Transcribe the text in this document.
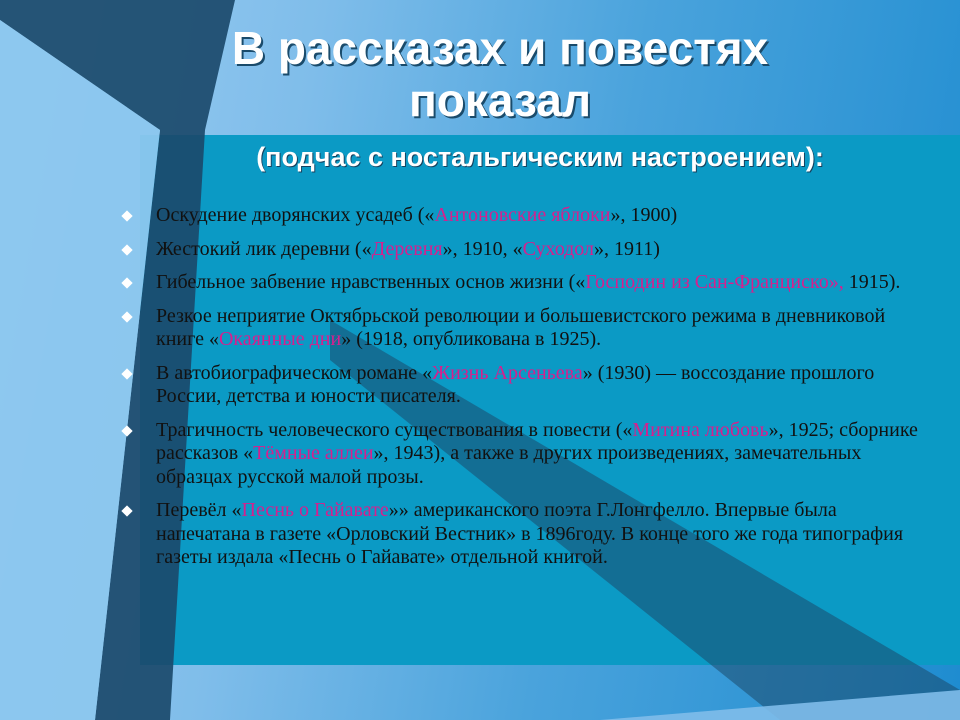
В рассказах и повестях показал
(подчас с ностальгическим настроением):
Оскудение дворянских усадеб («Антоновские яблоки», 1900)
Жестокий лик деревни («Деревня», 1910, «Суходол», 1911)
Гибельное забвение нравственных основ жизни («Господин из Сан-Франциско», 1915).
Резкое неприятие Октябрьской революции и большевистского режима в дневниковой книге «Окаянные дни» (1918, опубликована в 1925).
В автобиографическом романе «Жизнь Арсеньева» (1930) — воссоздание прошлого России, детства и юности писателя.
Трагичность человеческого существования в повести («Митина любовь», 1925; сборнике рассказов «Тёмные аллеи», 1943), а также в других произведениях, замечательных образцах русской малой прозы.
Перевёл «Песнь о Гайавате»» американского поэта Г.Лонгфелло. Впервые была напечатана в газете «Орловский Вестник» в 1896году. В конце того же года типография газеты издала «Песнь о Гайавате» отдельной книгой.
